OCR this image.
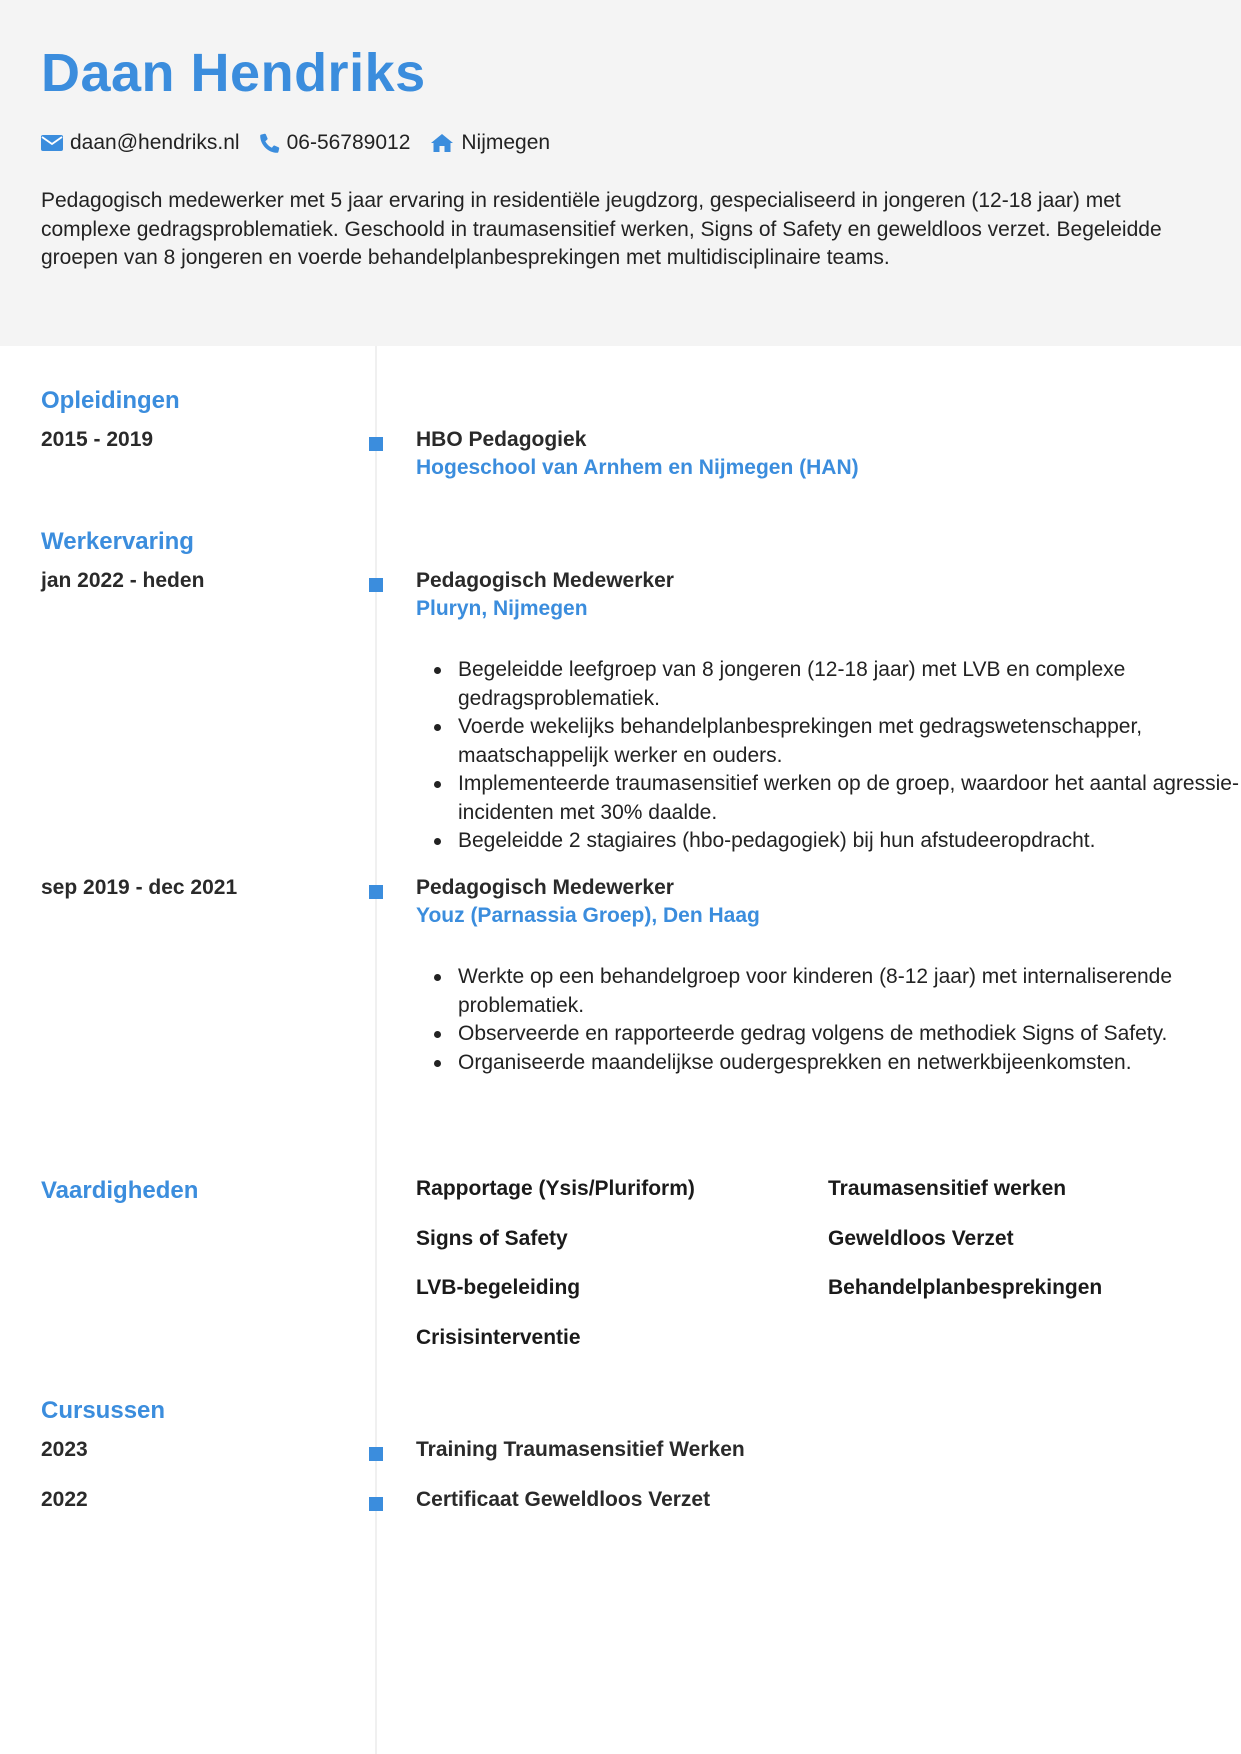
Daan Hendriks
daan@hendriks.nl 06-56789012 Nijmegen
Pedagogisch medewerker met 5 jaar ervaring in residentiële jeugdzorg, gespecialiseerd in jongeren (12-18 jaar) met complexe gedragsproblematiek. Geschoold in traumasensitief werken, Signs of Safety en geweldloos verzet. Begeleidde groepen van 8 jongeren en voerde behandelplanbesprekingen met multidisciplinaire teams.
Opleidingen
2015 - 2019	HBO Pedagogiek
Hogeschool van Arnhem en Nijmegen (HAN)
Werkervaring
jan 2022 - heden	Pedagogisch Medewerker
Pluryn, Nijmegen
Begeleidde leefgroep van 8 jongeren (12-18 jaar) met LVB en complexe gedragsproblematiek.
Voerde wekelijks behandelplanbesprekingen met gedragswetenschapper, maatschappelijk werker en ouders.
Implementeerde traumasensitief werken op de groep, waardoor het aantal agressie-incidenten met 30% daalde.
Begeleidde 2 stagiaires (hbo-pedagogiek) bij hun afstudeeropdracht.
sep 2019 - dec 2021	Pedagogisch Medewerker
Youz (Parnassia Groep), Den Haag
Werkte op een behandelgroep voor kinderen (8-12 jaar) met internaliserende problematiek.
Observeerde en rapporteerde gedrag volgens de methodiek Signs of Safety.
Organiseerde maandelijkse oudergesprekken en netwerkbijeenkomsten.
Vaardigheden	Rapportage (Ysis/Pluriform)	Traumasensitief werken
Signs of Safety	Geweldloos Verzet
LVB-begeleiding	Behandelplanbesprekingen
Crisisinterventie
Cursussen
2023	Training Traumasensitief Werken
2022	Certificaat Geweldloos Verzet
